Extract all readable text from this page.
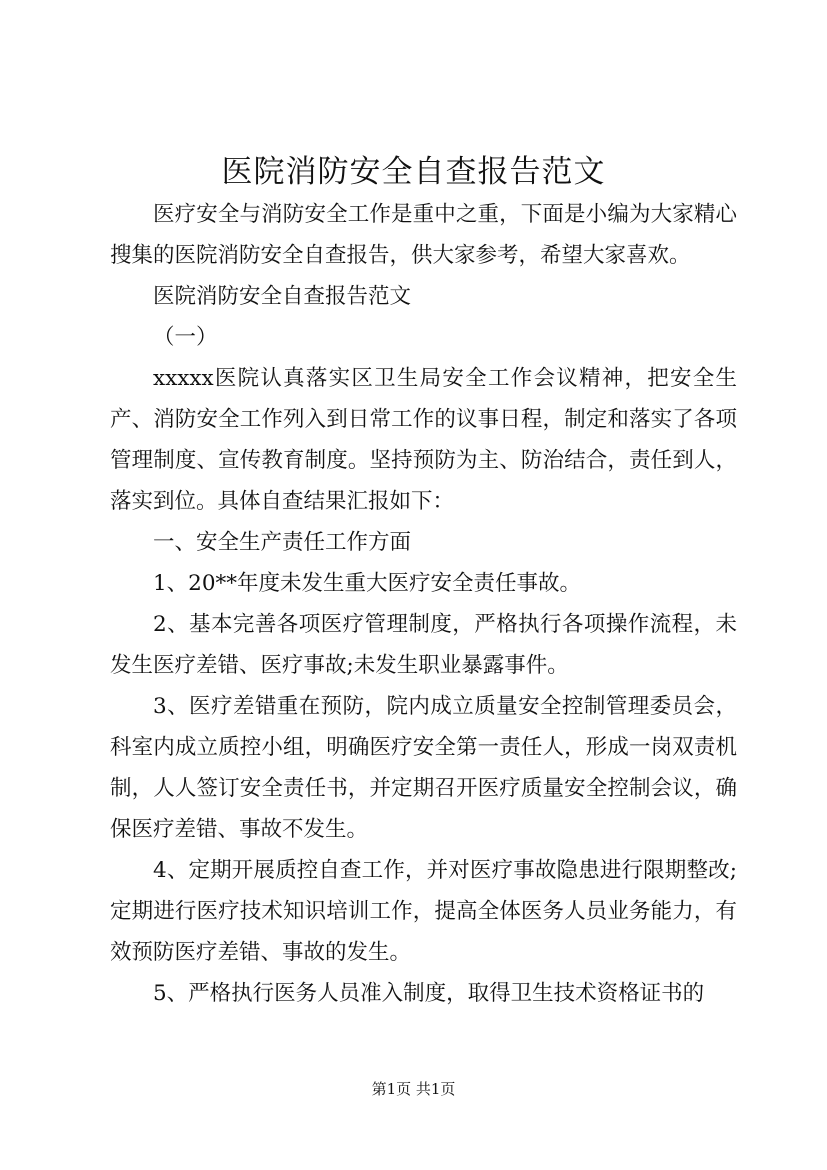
医院消防安全自查报告范文

医疗安全与消防安全工作是重中之重，下面是小编为大家精心搜集的医院消防安全自查报告，供大家参考，希望大家喜欢。

医院消防安全自查报告范文

（一）

xxxxx医院认真落实区卫生局安全工作会议精神，把安全生产、消防安全工作列入到日常工作的议事日程，制定和落实了各项管理制度、宣传教育制度。坚持预防为主、防治结合，责任到人，落实到位。具体自查结果汇报如下：

一、安全生产责任工作方面

1、20**年度未发生重大医疗安全责任事故。

2、基本完善各项医疗管理制度，严格执行各项操作流程，未发生医疗差错、医疗事故;未发生职业暴露事件。

3、医疗差错重在预防，院内成立质量安全控制管理委员会，科室内成立质控小组，明确医疗安全第一责任人，形成一岗双责机制，人人签订安全责任书，并定期召开医疗质量安全控制会议，确保医疗差错、事故不发生。

4、定期开展质控自查工作，并对医疗事故隐患进行限期整改;定期进行医疗技术知识培训工作，提高全体医务人员业务能力，有效预防医疗差错、事故的发生。

5、严格执行医务人员准入制度，取得卫生技术资格证书的

第1页 共1页
